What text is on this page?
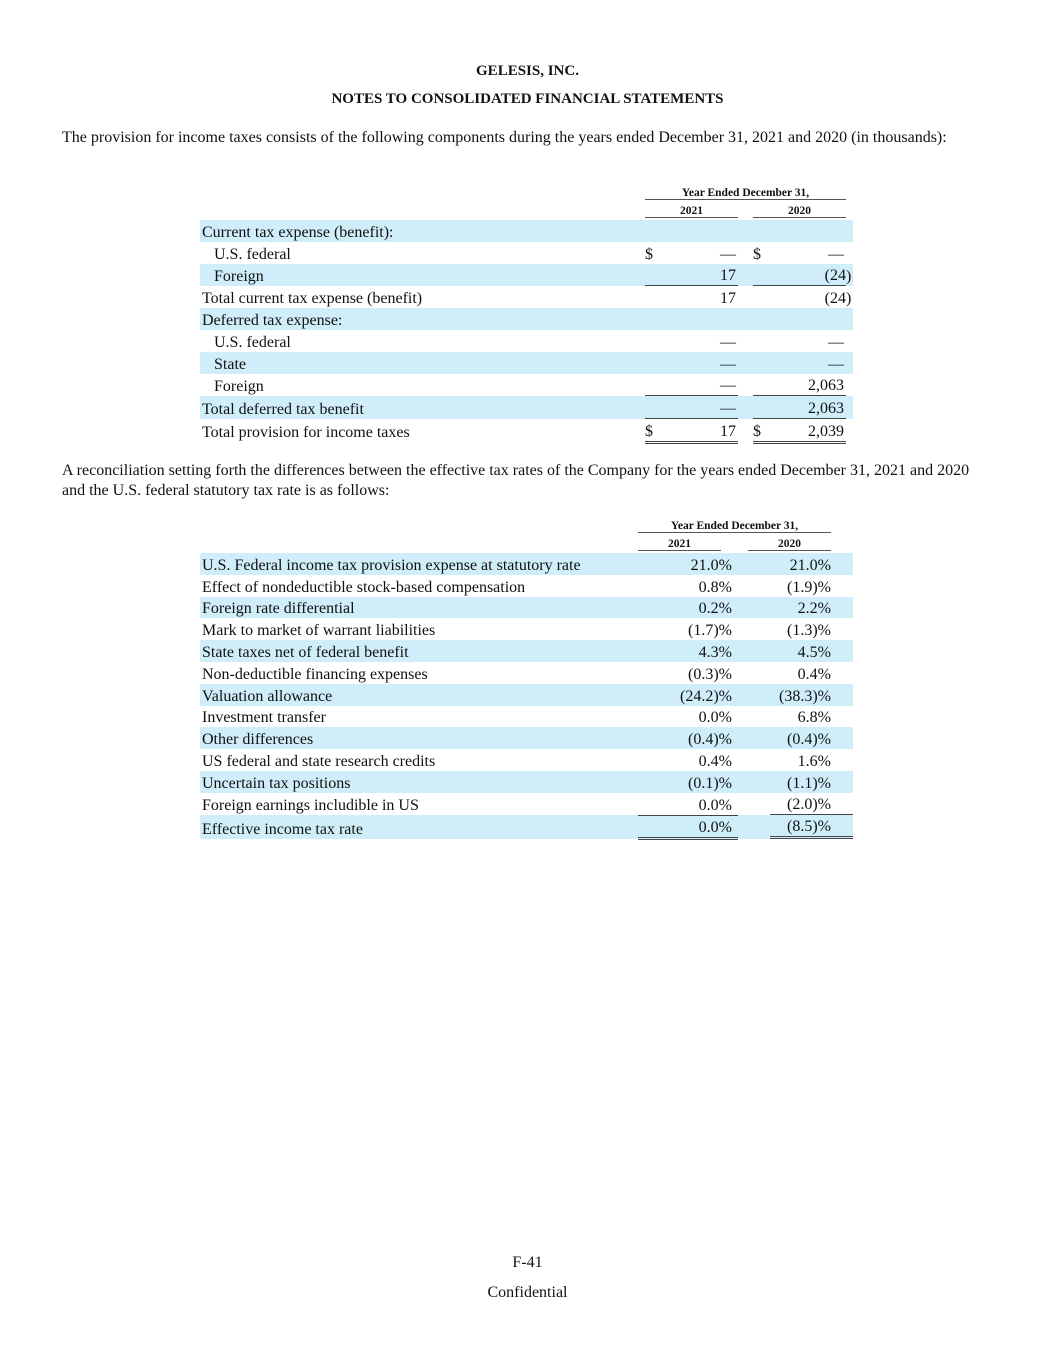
GELESIS, INC.
NOTES TO CONSOLIDATED FINANCIAL STATEMENTS
The provision for income taxes consists of the following components during the years ended December 31, 2021 and 2020 (in thousands):
Year Ended December 31,
2021	2020
Current tax expense (benefit):							
U.S. federal	$	—			$	—	
Foreign		17				(24	)
Total current tax expense (benefit)		17				(24	)
Deferred tax expense:							
U.S. federal		—				—	
State		—				—	
Foreign		—				2,063	
Total deferred tax benefit		—				2,063	
Total provision for income taxes	$	17			$	2,039	
A reconciliation setting forth the differences between the effective tax rates of the Company for the years ended December 31, 2021 and 2020 and the U.S. federal statutory tax rate is as follows:
Year Ended December 31,
2021	2020
U.S. Federal income tax provision expense at statutory rate	21.0%		21.0%
Effect of nondeductible stock-based compensation	0.8%		(1.9)%
Foreign rate differential	0.2%		2.2%
Mark to market of warrant liabilities	(1.7)%		(1.3)%
State taxes net of federal benefit	4.3%		4.5%
Non-deductible financing expenses	(0.3)%		0.4%
Valuation allowance	(24.2)%		(38.3)%
Investment transfer	0.0%		6.8%
Other differences	(0.4)%		(0.4)%
US federal and state research credits	0.4%		1.6%
Uncertain tax positions	(0.1)%		(1.1)%
Foreign earnings includible in US	0.0%		(2.0)%
Effective income tax rate	0.0%		(8.5)%
F-41
Confidential
